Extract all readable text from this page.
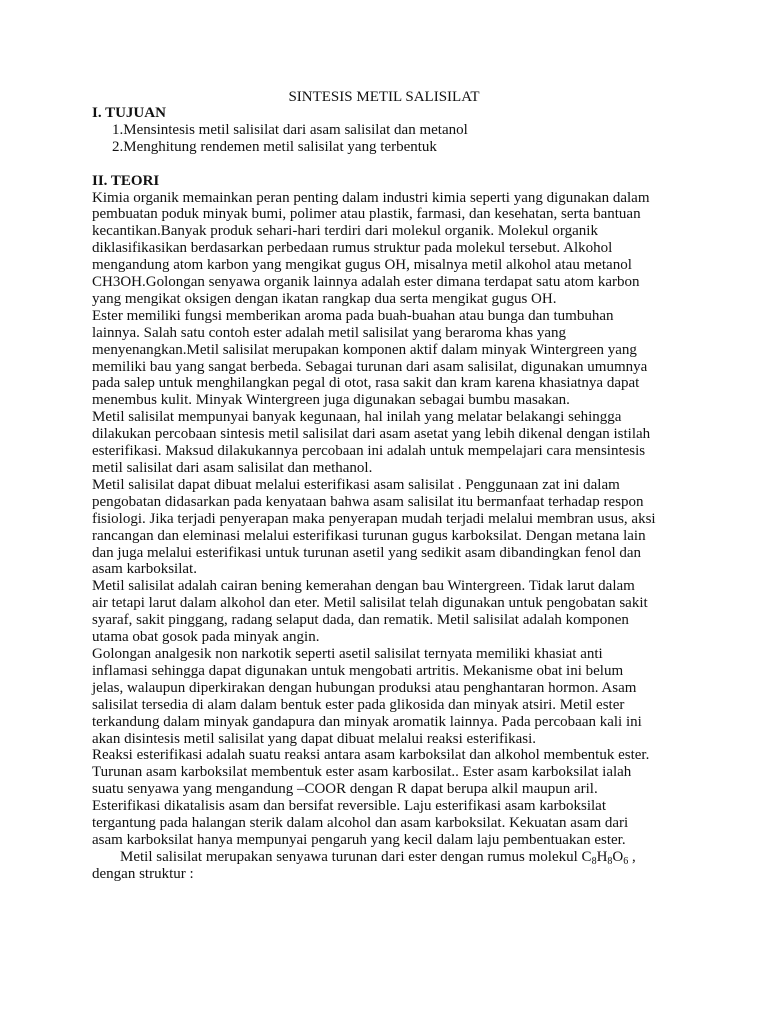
SINTESIS METIL SALISILAT
I. TUJUAN
1.Mensintesis metil salisilat dari asam salisilat dan metanol
2.Menghitung rendemen metil salisilat yang terbentuk
II. TEORI
Kimia organik memainkan peran penting dalam industri kimia seperti yang digunakan dalam
pembuatan poduk minyak bumi, polimer atau plastik, farmasi, dan kesehatan, serta bantuan
kecantikan.Banyak produk sehari-hari terdiri dari molekul organik. Molekul organik
diklasifikasikan berdasarkan perbedaan rumus struktur pada molekul tersebut. Alkohol
mengandung atom karbon yang mengikat gugus OH, misalnya metil alkohol atau metanol
CH3OH.Golongan senyawa organik lainnya adalah ester dimana terdapat satu atom karbon
yang mengikat oksigen dengan ikatan rangkap dua serta mengikat gugus OH.
Ester memiliki fungsi memberikan aroma pada buah-buahan atau bunga dan tumbuhan
lainnya. Salah satu contoh ester adalah metil salisilat yang beraroma khas yang
menyenangkan.Metil salisilat merupakan komponen aktif dalam minyak Wintergreen yang
memiliki bau yang sangat berbeda. Sebagai turunan dari asam salisilat, digunakan umumnya
pada salep untuk menghilangkan pegal di otot, rasa sakit dan kram karena khasiatnya dapat
menembus kulit. Minyak Wintergreen juga digunakan sebagai bumbu masakan.
Metil salisilat mempunyai banyak kegunaan, hal inilah yang melatar belakangi sehingga
dilakukan percobaan sintesis metil salisilat dari asam asetat yang lebih dikenal dengan istilah
esterifikasi. Maksud dilakukannya percobaan ini adalah untuk mempelajari cara mensintesis
metil salisilat dari asam salisilat dan methanol.
Metil salisilat dapat dibuat melalui esterifikasi asam salisilat . Penggunaan zat ini dalam
pengobatan didasarkan pada kenyataan bahwa asam salisilat itu bermanfaat terhadap respon
fisiologi. Jika terjadi penyerapan maka penyerapan mudah terjadi melalui membran usus, aksi
rancangan dan eleminasi melalui esterifikasi turunan gugus karboksilat. Dengan metana lain
dan juga melalui esterifikasi untuk turunan asetil yang sedikit asam dibandingkan fenol dan
asam karboksilat.
Metil salisilat adalah cairan bening kemerahan dengan bau Wintergreen. Tidak larut dalam
air tetapi larut dalam alkohol dan eter. Metil salisilat telah digunakan untuk pengobatan sakit
syaraf, sakit pinggang, radang selaput dada, dan rematik. Metil salisilat adalah komponen
utama obat gosok pada minyak angin.
Golongan analgesik non narkotik seperti asetil salisilat ternyata memiliki khasiat anti
inflamasi sehingga dapat digunakan untuk mengobati artritis. Mekanisme obat ini belum
jelas, walaupun diperkirakan dengan hubungan produksi atau penghantaran hormon. Asam
salisilat tersedia di alam dalam bentuk ester pada glikosida dan minyak atsiri. Metil ester
terkandung dalam minyak gandapura dan minyak aromatik lainnya. Pada percobaan kali ini
akan disintesis metil salisilat yang dapat dibuat melalui reaksi esterifikasi.
Reaksi esterifikasi adalah suatu reaksi antara asam karboksilat dan alkohol membentuk ester.
Turunan asam karboksilat membentuk ester asam karbosilat.. Ester asam karboksilat ialah
suatu senyawa yang mengandung –COOR dengan R dapat berupa alkil maupun aril.
Esterifikasi dikatalisis asam dan bersifat reversible. Laju esterifikasi asam karboksilat
tergantung pada halangan sterik dalam alcohol dan asam karboksilat. Kekuatan asam dari
asam karboksilat hanya mempunyai pengaruh yang kecil dalam laju pembentuakan ester.
Metil salisilat merupakan senyawa turunan dari ester dengan rumus molekul $C_8H_8O_6$ ,
dengan struktur :
